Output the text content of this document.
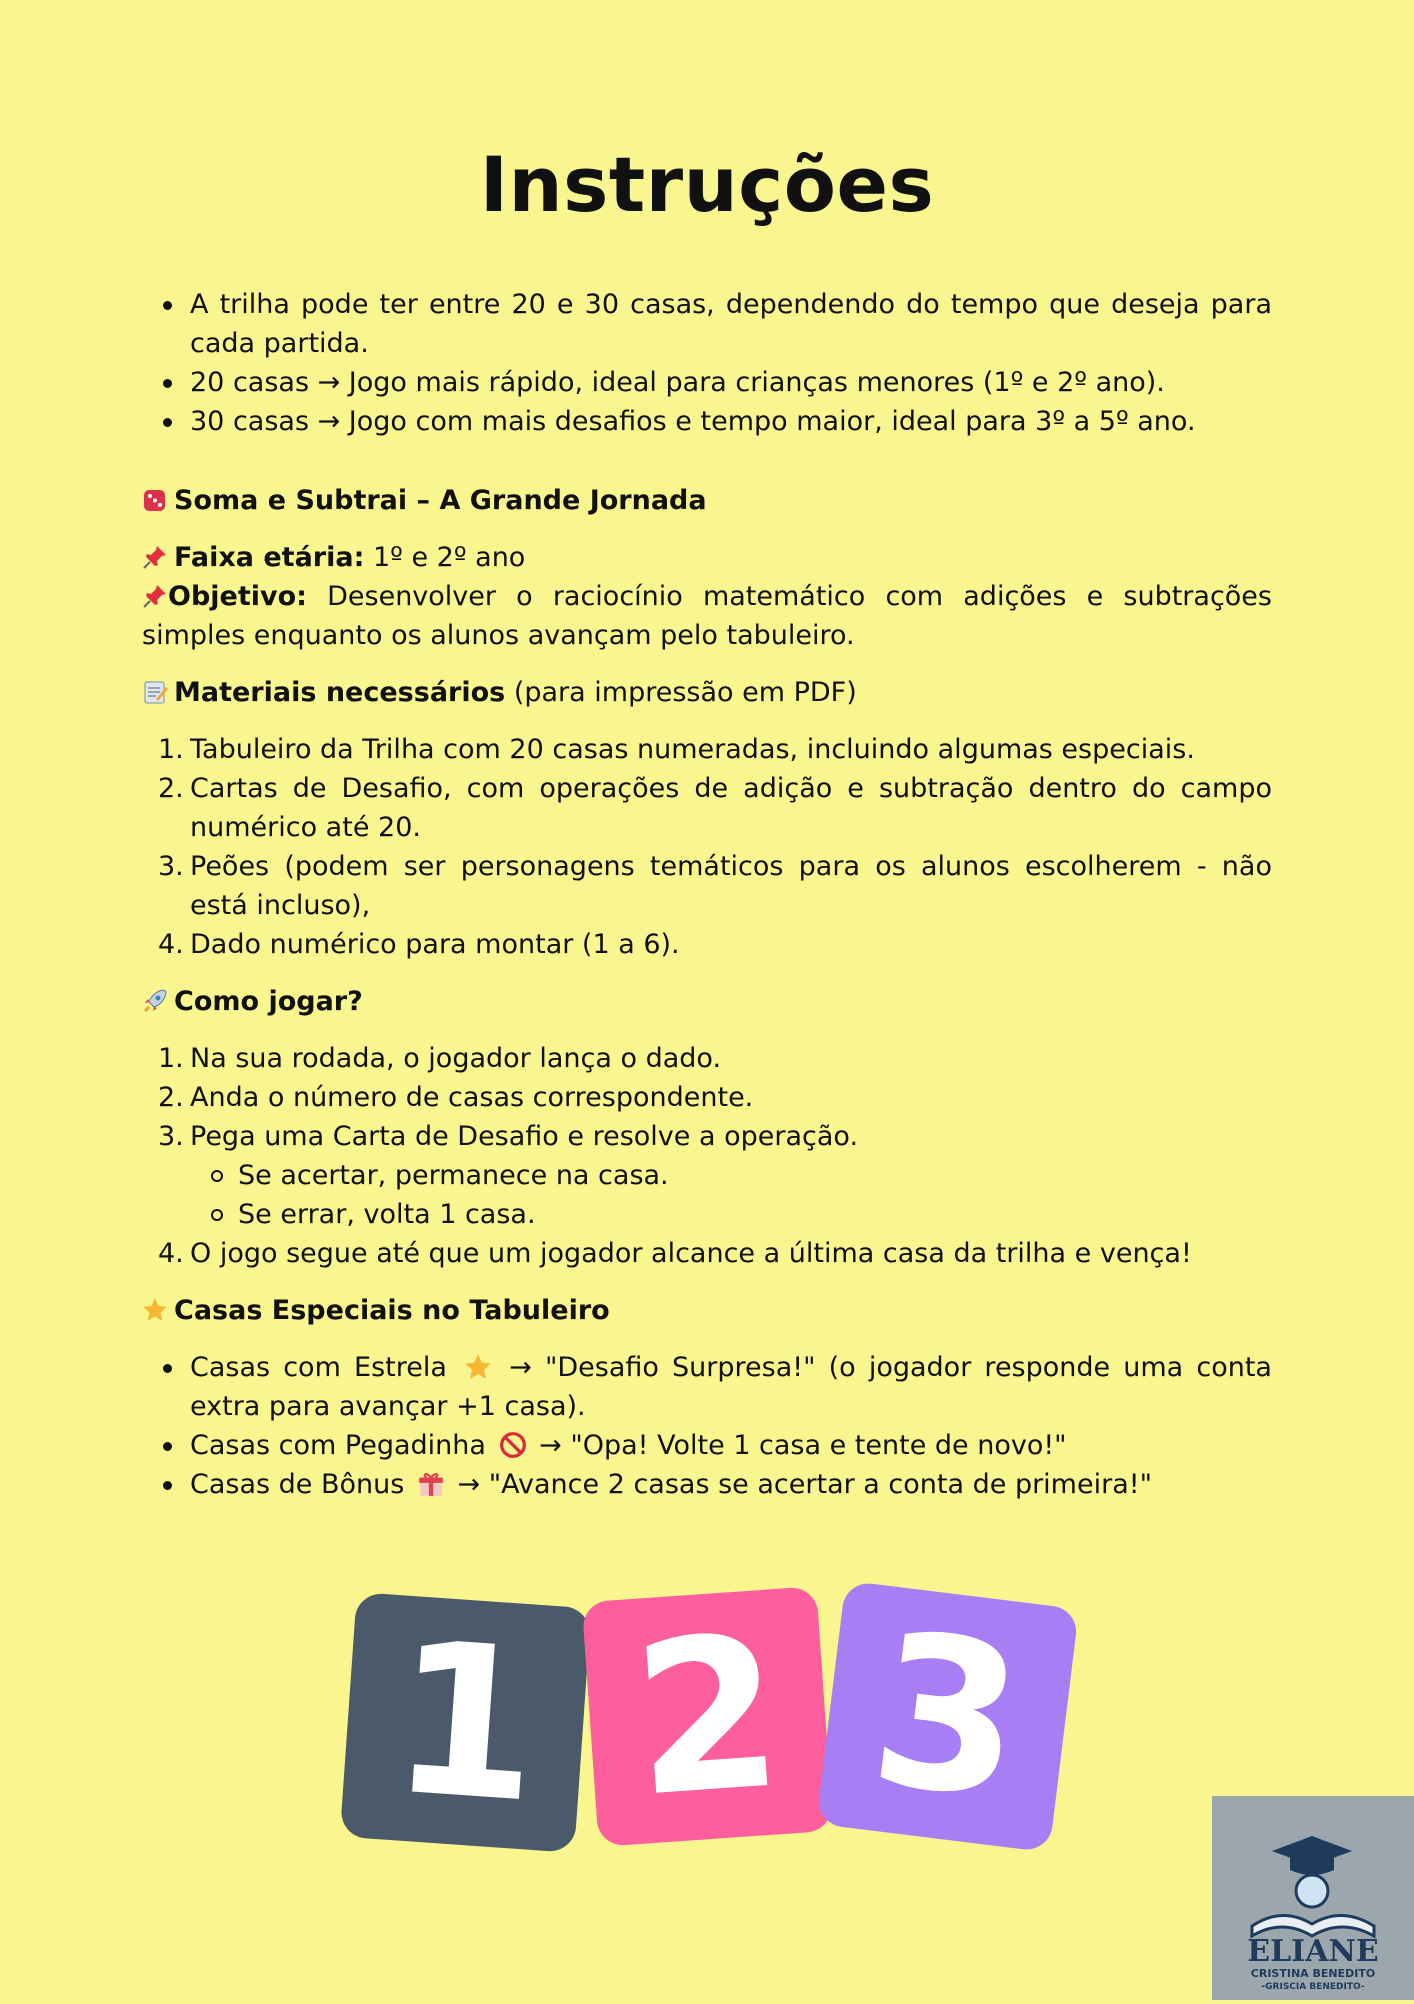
Instruções
A trilha pode ter entre 20 e 30 casas, dependendo do tempo que deseja para cada partida.
20 casas → Jogo mais rápido, ideal para crianças menores (1º e 2º ano).
30 casas → Jogo com mais desafios e tempo maior, ideal para 3º a 5º ano.
Soma e Subtrai – A Grande Jornada
Faixa etária: 1º e 2º ano
Objetivo: Desenvolver o raciocínio matemático com adições e subtrações simples enquanto os alunos avançam pelo tabuleiro.
Materiais necessários (para impressão em PDF)
1. Tabuleiro da Trilha com 20 casas numeradas, incluindo algumas especiais.
2. Cartas de Desafio, com operações de adição e subtração dentro do campo numérico até 20.
3. Peões (podem ser personagens temáticos para os alunos escolherem - não está incluso),
4. Dado numérico para montar (1 a 6).
Como jogar?
1. Na sua rodada, o jogador lança o dado.
2. Anda o número de casas correspondente.
3. Pega uma Carta de Desafio e resolve a operação.
Se acertar, permanece na casa.
Se errar, volta 1 casa.
4. O jogo segue até que um jogador alcance a última casa da trilha e vença!
Casas Especiais no Tabuleiro
Casas com Estrela → "Desafio Surpresa!" (o jogador responde uma conta extra para avançar +1 casa).
Casas com Pegadinha → "Opa! Volte 1 casa e tente de novo!"
Casas de Bônus → "Avance 2 casas se acertar a conta de primeira!"
1 2 3
ELIANE
CRISTINA BENEDITO
-GRISCIA BENEDITO-
